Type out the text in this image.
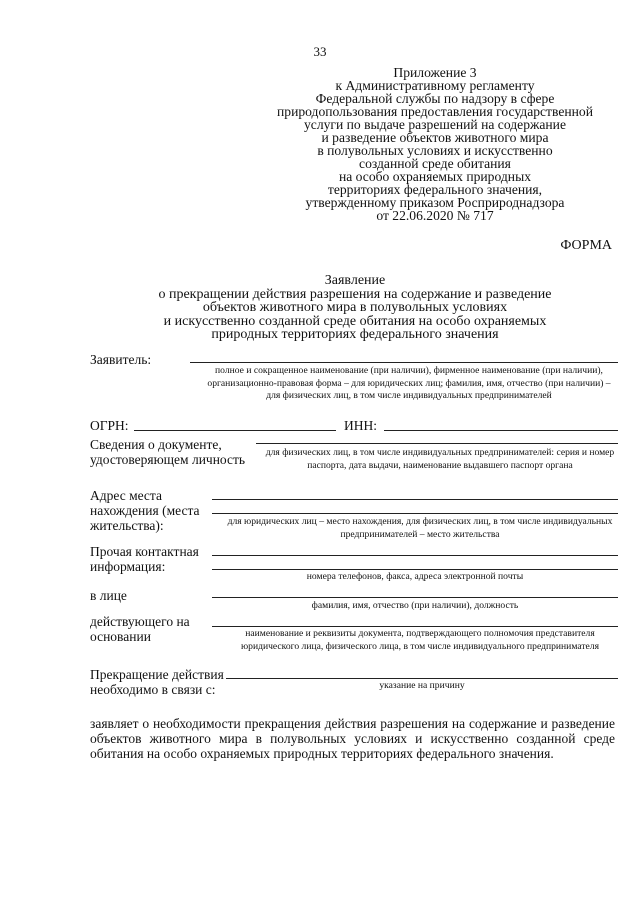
33
Приложение 3
к Административному регламенту
Федеральной службы по надзору в сфере
природопользования предоставления государственной
услуги по выдаче разрешений на содержание
и разведение объектов животного мира
в полувольных условиях и искусственно
созданной среде обитания
на особо охраняемых природных
территориях федерального значения,
утвержденному приказом Росприроднадзора
от 22.06.2020 № 717
ФОРМА
Заявление
о прекращении действия разрешения на содержание и разведение
объектов животного мира в полувольных условиях
и искусственно созданной среде обитания на особо охраняемых
природных территориях федерального значения
Заявитель:
полное и сокращенное наименование (при наличии), фирменное наименование (при наличии), организационно-правовая форма – для юридических лиц; фамилия, имя, отчество (при наличии) – для физических лиц, в том числе индивидуальных предпринимателей
ОГРН:	ИНН:
Сведения о документе, удостоверяющем личность	для физических лиц, в том числе индивидуальных предпринимателей: серия и номер паспорта, дата выдачи, наименование выдавшего паспорт органа
Адрес места нахождения (места жительства):	для юридических лиц – место нахождения, для физических лиц, в том числе индивидуальных предпринимателей – место жительства
Прочая контактная информация:
номера телефонов, факса, адреса электронной почты
в лице
фамилия, имя, отчество (при наличии), должность
действующего на основании	наименование и реквизиты документа, подтверждающего полномочия представителя юридического лица, физического лица, в том числе индивидуального предпринимателя
Прекращение действия необходимо в связи с:	указание на причину
заявляет о необходимости прекращения действия разрешения на содержание и разведение объектов животного мира в полувольных условиях и искусственно созданной среде обитания на особо охраняемых природных территориях федерального значения.
